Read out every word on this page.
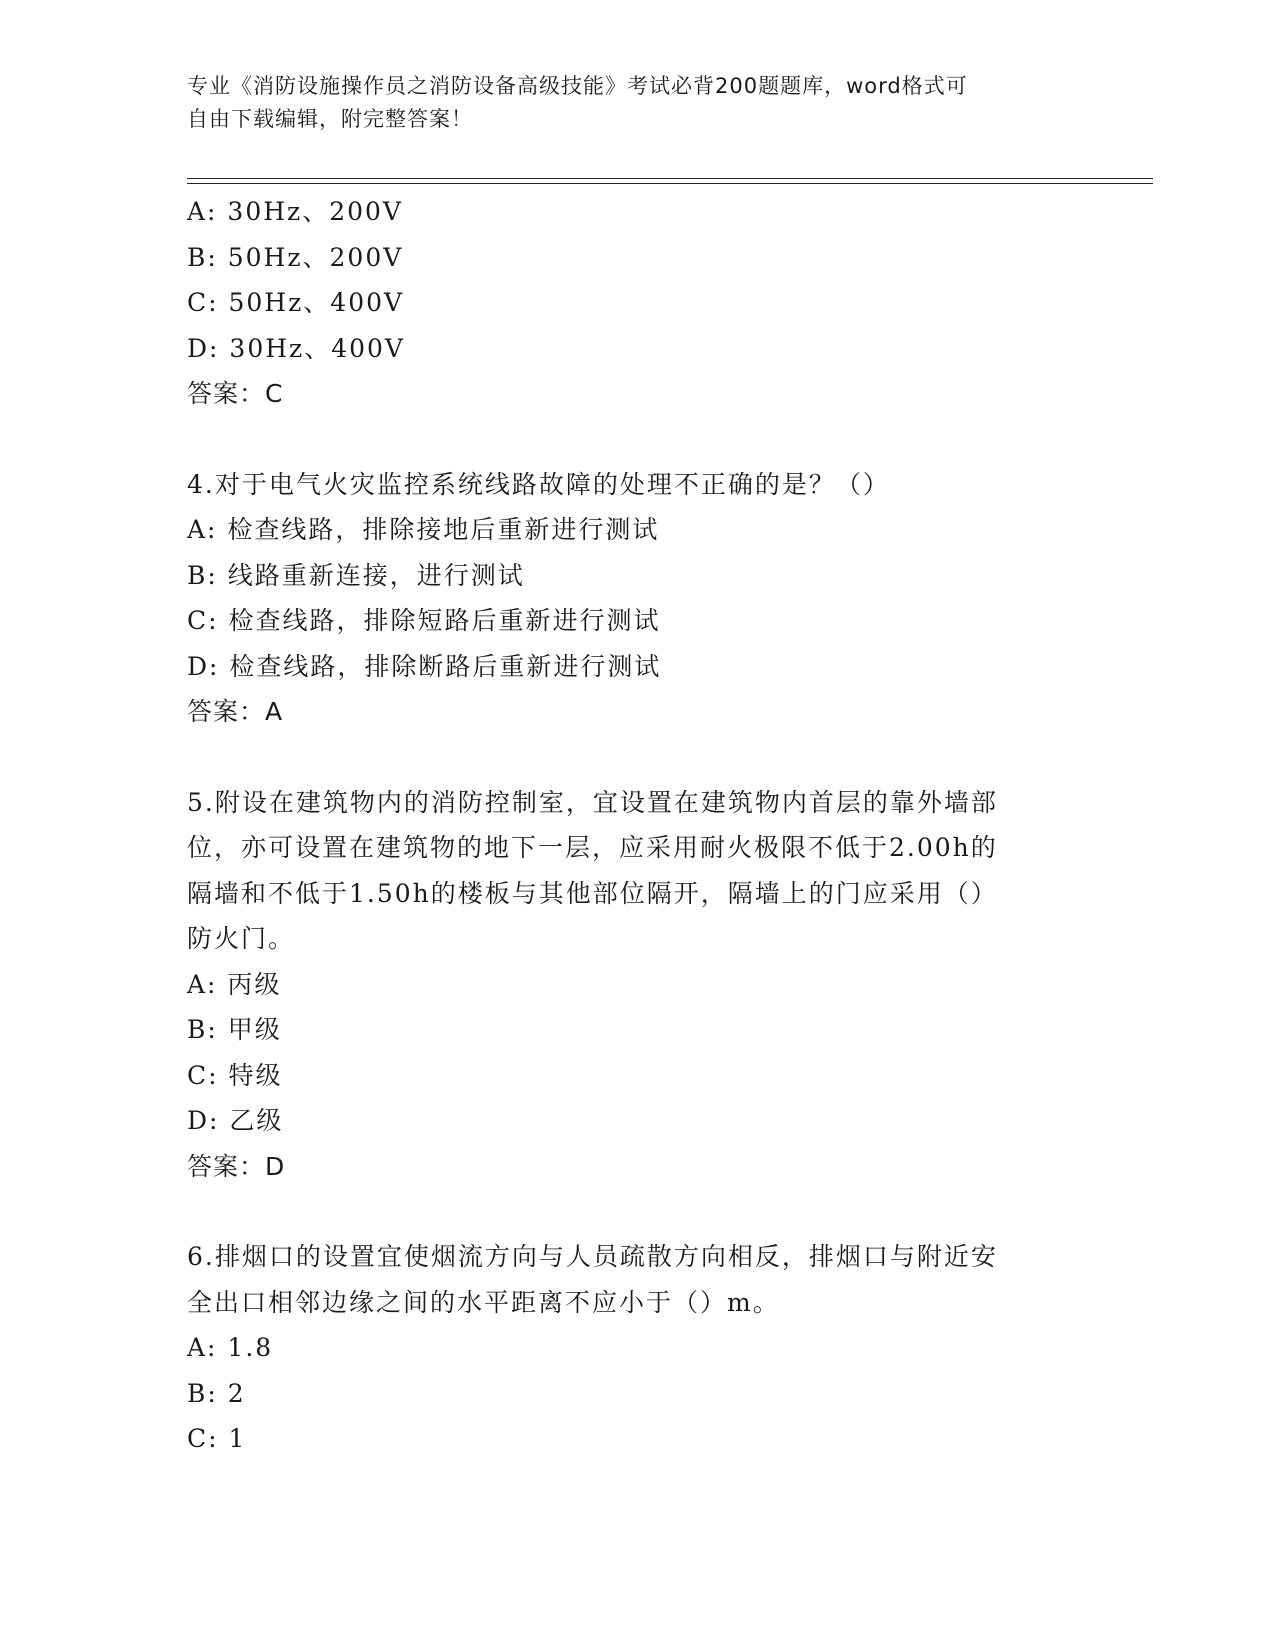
专业《消防设施操作员之消防设备高级技能》考试必背200题题库，word格式可
自由下载编辑，附完整答案！
A: 30Hz、200V
B: 50Hz、200V
C: 50Hz、400V
D: 30Hz、400V
答案：C
4.对于电气火灾监控系统线路故障的处理不正确的是？（）
A: 检查线路，排除接地后重新进行测试
B: 线路重新连接，进行测试
C: 检查线路，排除短路后重新进行测试
D: 检查线路，排除断路后重新进行测试
答案：A
5.附设在建筑物内的消防控制室，宜设置在建筑物内首层的靠外墙部
位，亦可设置在建筑物的地下一层，应采用耐火极限不低于2.00h的
隔墙和不低于1.50h的楼板与其他部位隔开，隔墙上的门应采用（）
防火门。
A: 丙级
B: 甲级
C: 特级
D: 乙级
答案：D
6.排烟口的设置宜使烟流方向与人员疏散方向相反，排烟口与附近安
全出口相邻边缘之间的水平距离不应小于（）m。
A: 1.8
B: 2
C: 1
